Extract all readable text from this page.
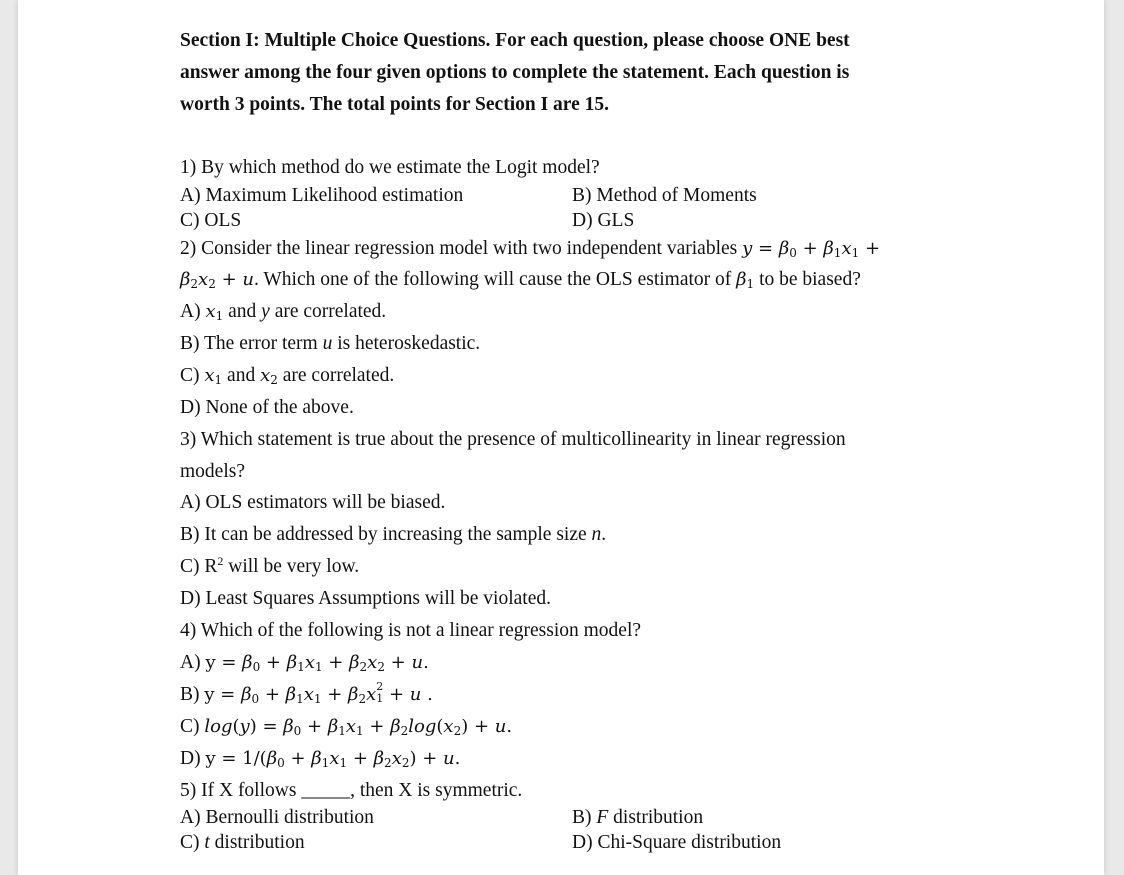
Section I: Multiple Choice Questions. For each question, please choose ONE best
answer among the four given options to complete the statement. Each question is
worth 3 points. The total points for Section I are 15.
1) By which method do we estimate the Logit model?
A) Maximum Likelihood estimation	B) Method of Moments
C) OLS	D) GLS
2) Consider the linear regression model with two independent variables y = β0 + β1x1 +
β2x2 + u. Which one of the following will cause the OLS estimator of β1 to be biased?
A) x1 and y are correlated.
B) The error term u is heteroskedastic.
C) x1 and x2 are correlated.
D) None of the above.
3) Which statement is true about the presence of multicollinearity in linear regression
models?
A) OLS estimators will be biased.
B) It can be addressed by increasing the sample size n.
C) $R^2$ will be very low.
D) Least Squares Assumptions will be violated.
4) Which of the following is not a linear regression model?
A) y = β0 + β1x1 + β2x2 + u.
B) y = β0 + β1x1 + β2x 2
1 + u .
C) log(y) = β0 + β1x1 + β2log(x2) + u.
D) y = 1/(β0 + β1x1 + β2x2) + u.
5) If X follows _____, then X is symmetric.
A) Bernoulli distribution	B) F distribution
C) t distribution	D) Chi-Square distribution
